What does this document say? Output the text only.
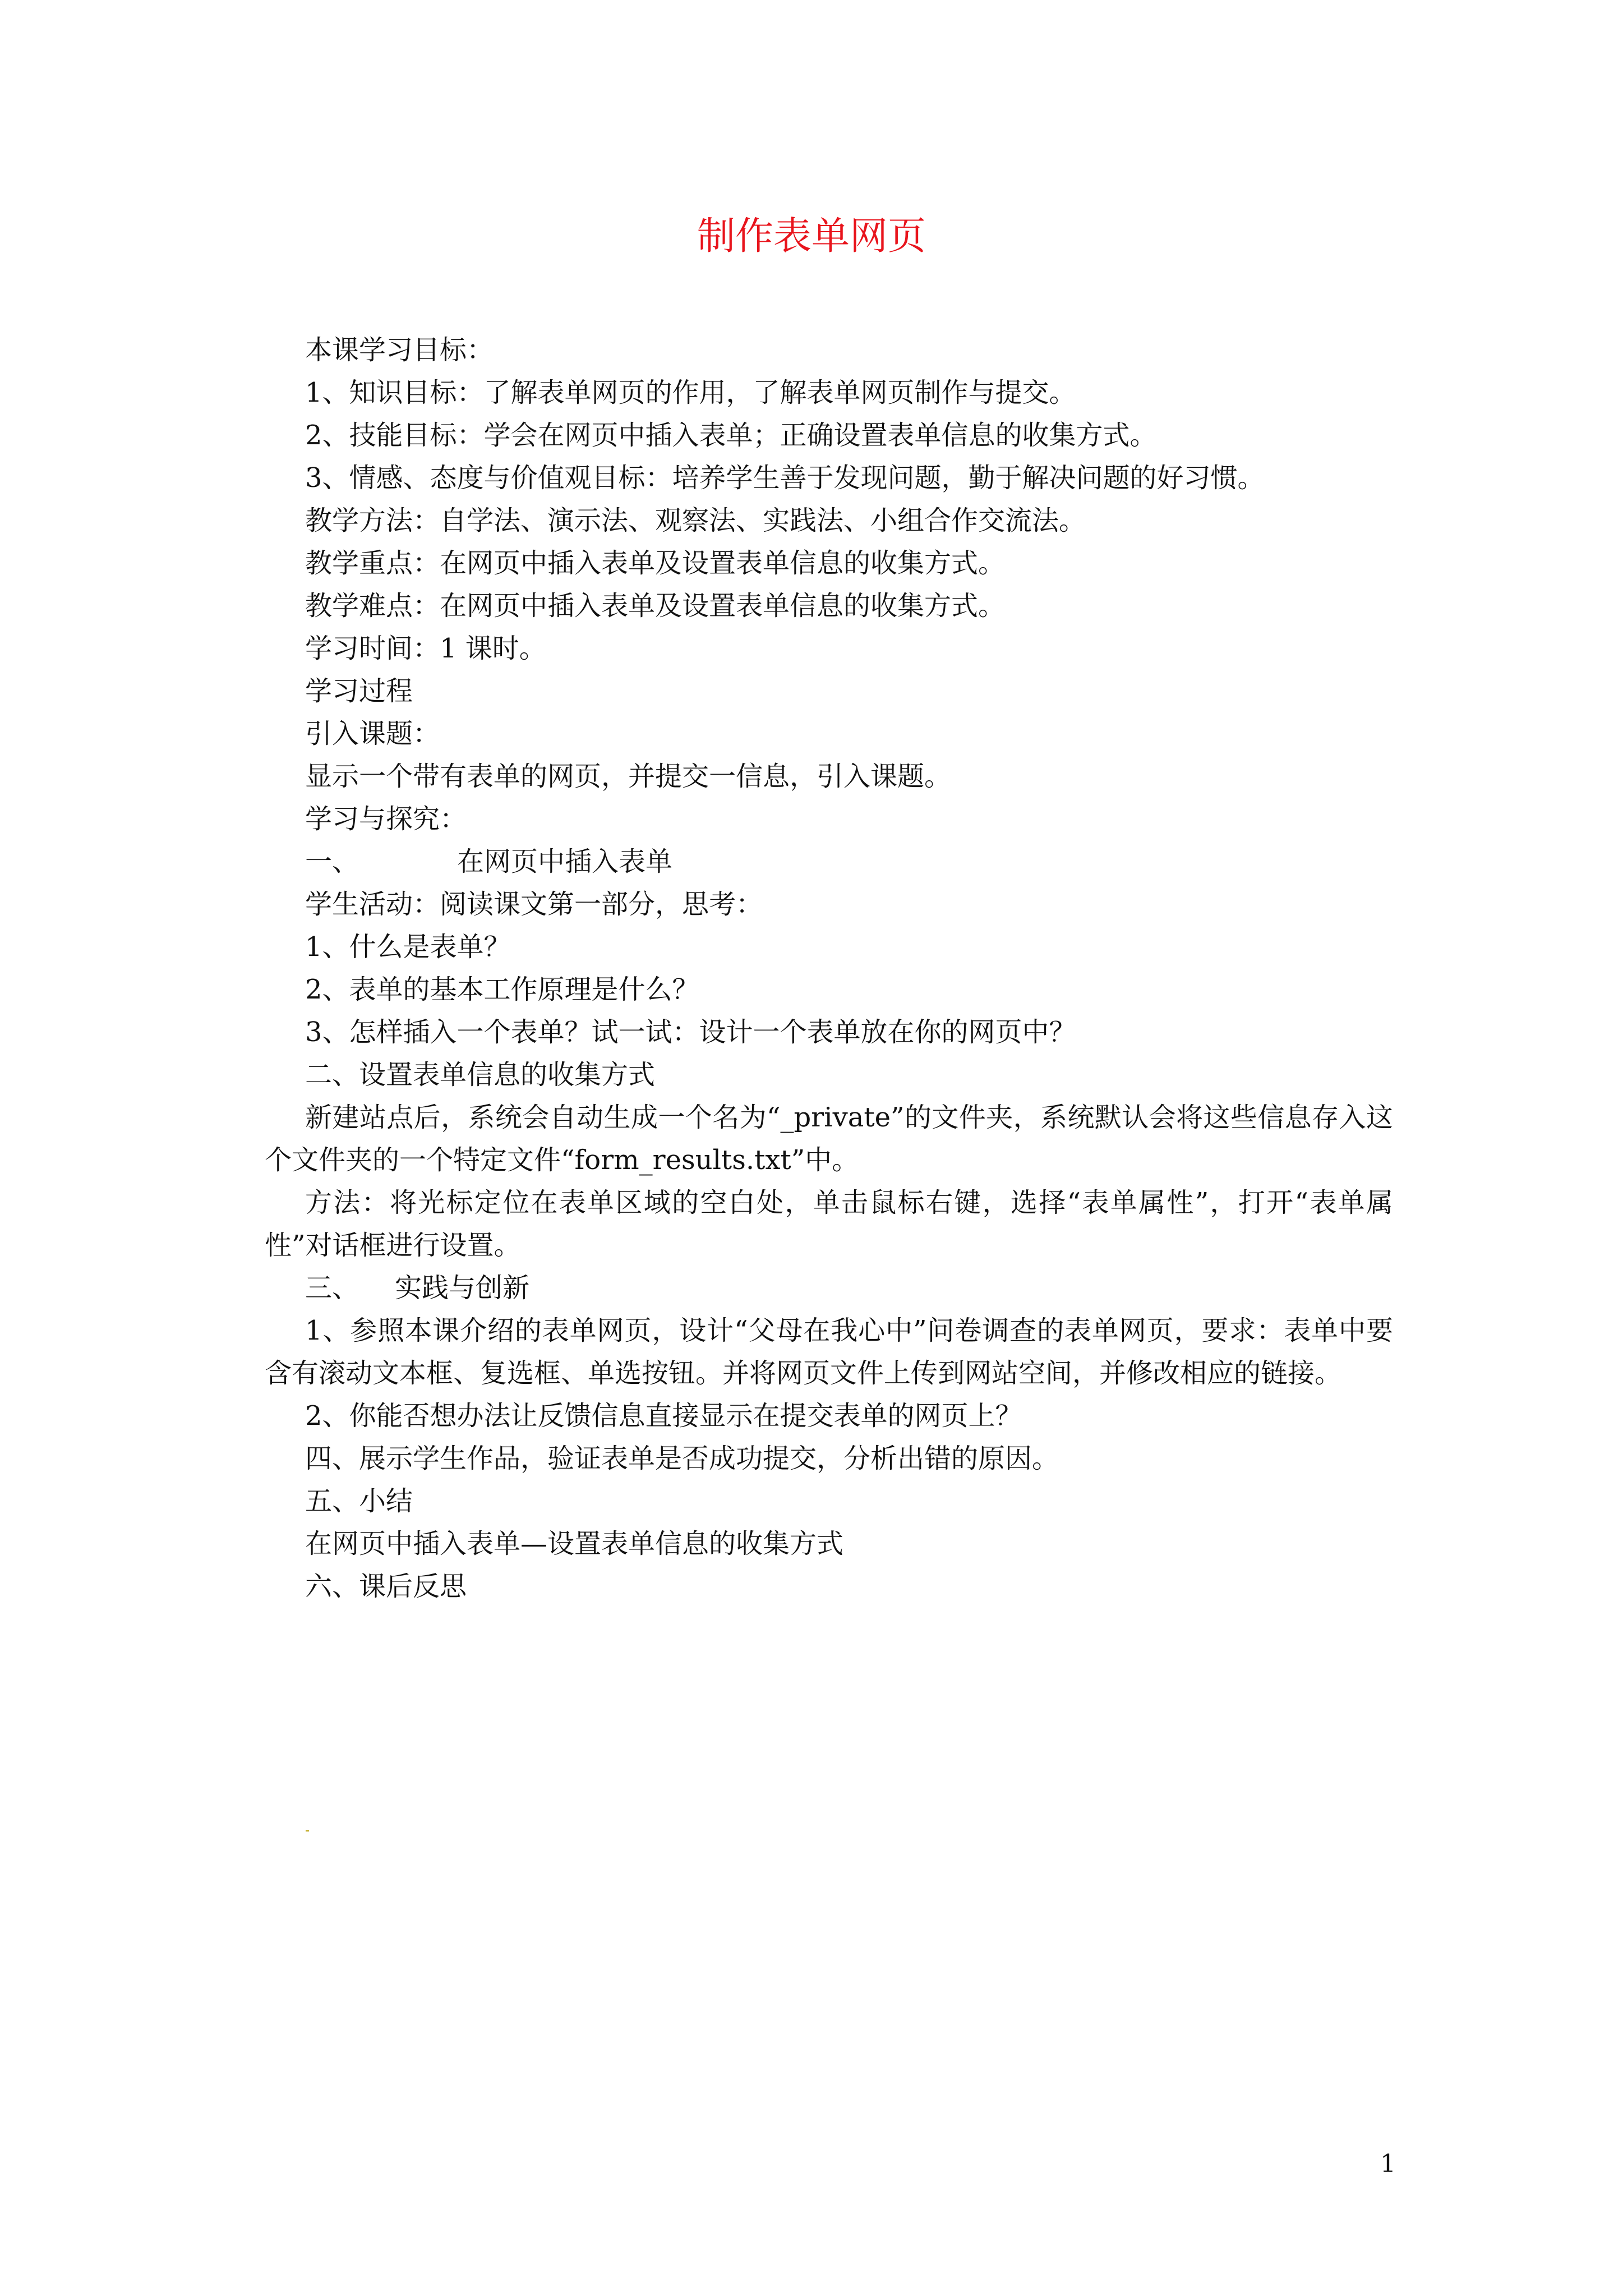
制作表单网页
本课学习目标：
1、知识目标：了解表单网页的作用，了解表单网页制作与提交。
2、技能目标：学会在网页中插入表单；正确设置表单信息的收集方式。
3、情感、态度与价值观目标：培养学生善于发现问题，勤于解决问题的好习惯。
教学方法：自学法、演示法、观察法、实践法、小组合作交流法。
教学重点：在网页中插入表单及设置表单信息的收集方式。
教学难点：在网页中插入表单及设置表单信息的收集方式。
学习时间：1 课时。
学习过程
引入课题：
显示一个带有表单的网页，并提交一信息，引入课题。
学习与探究：
一、	在网页中插入表单
学生活动：阅读课文第一部分，思考：
1、什么是表单？
2、表单的基本工作原理是什么？
3、怎样插入一个表单？试一试：设计一个表单放在你的网页中？
二、设置表单信息的收集方式
新建站点后，系统会自动生成一个名为“_private”的文件夹，系统默认会将这些信息存入这个文件夹的一个特定文件“form_results.txt”中。
方法：将光标定位在表单区域的空白处，单击鼠标右键，选择“表单属性”，打开“表单属性”对话框进行设置。
三、 实践与创新
1、参照本课介绍的表单网页，设计“父母在我心中”问卷调查的表单网页，要求：表单中要含有滚动文本框、复选框、单选按钮。并将网页文件上传到网站空间，并修改相应的链接。
2、你能否想办法让反馈信息直接显示在提交表单的网页上？
四、展示学生作品，验证表单是否成功提交，分析出错的原因。
五、小结
在网页中插入表单—设置表单信息的收集方式
六、课后反思
1
